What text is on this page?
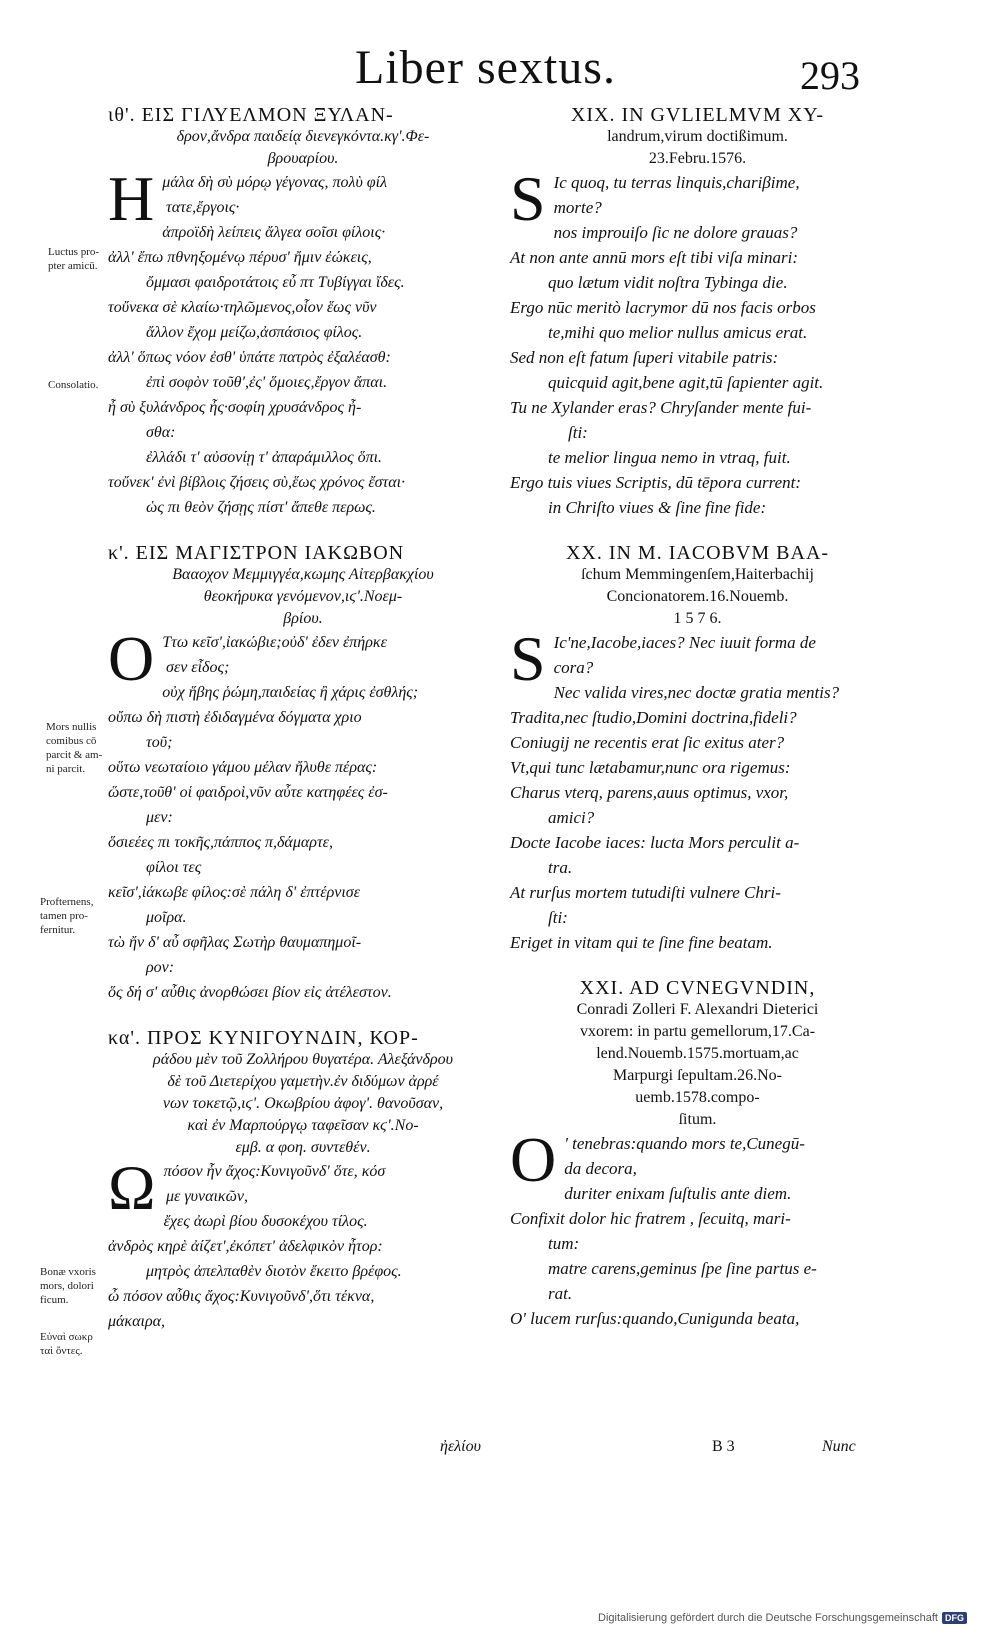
Liber sextus.	293
ιθ'. ΕΙΣ ΓΙΛΥΕΛΜΟΝ ΞΥΛΑΝ-
δρον,ἄνδρα παιδείᾳ διενεγκόντα.κγ'.Φε-
βρουαρίου.
Η μάλα δὴ σὺ μόρῳ γέγονας, πολὺ φίλ
τατε,ἔργοις·
ἀπροϊδὴ λείπεις ἄλγεα σοῖσι φίλοις·
ἀλλ' ἔπω πθνηξομένῳ πέρυσ' ἤμιν ἐώκεις,
ὄμμασι φαιδροτάτοις εὖ πτ Τυβίγγαι ἴδες.
τοὔνεκα σὲ κλαίω·τηλῶμενος,οἷον ἕως νῦν
ἄλλον ἔχομ μείζω,ἀσπάσιος φίλος.
ἀλλ' ὅπως νόον ἐσθ' ὑπάτε πατρὸς ἐξαλέασθ:
ἐπὶ σοφὸν τοῦθ',ἐς' ὅμοιες,ἔργον ἄπαι.
ἦ σὺ ξυλάνδρος ἦς·σοφίη χρυσάνδρος ἦ-
σθα:
ἐλλάδι τ' αὐσονίῃ τ' ἀπαράμιλλος ὅπι.
τοὔνεκ' ἐνὶ βίβλοις ζήσεις σὺ,ἕως χρόνος ἔσται·
ὡς πι θεὸν ζήσῃς πίστ' ἄπεθε περως.
κ'. ΕΙΣ ΜΑΓΙΣΤΡΟΝ ΙΑΚΩΒΟΝ
Βααοχον Μεμμιγγέα,κωμης Αἰτερβακχίου
θεοκήρυκα γενόμενον,ιϛ'.Νοεμ-
βρίου.
Ο Ττω κεῖσ',ἰακώβιε;οὐδ' ἐδεν ἐπήρκε
σεν εἶδος;
οὐχ ἥβης ῥώμη,παιδείας ἢ χάρις ἐσθλής;
οὔπω δὴ πιστὴ ἐδιδαγμένα δόγματα χριο
τοῦ;
οὕτω νεωταίοιο γάμου μέλαν ἤλυθε πέρας:
ὥστε,τοῦθ' οἱ φαιδροὶ,νῦν αὖτε κατηφέες ἐσ-
μεν:
ὅσιεέες πι τοκῆς,πάππος π,δάμαρτε,
φίλοι τες
κεῖσ',ἰάκωβε φίλος:σὲ πάλη δ' ἐπτέρνισε
μοῖρα.
τὼ ἤν δ' αὖ σφῆλας Σωτὴρ θαυμαπημοῖ-
ρον:
ὅς δή σ' αὖθις ἀνορθώσει βίον εἰς ἀτέλεστον.
κα'. ΠΡΟΣ ΚΥΝΙΓΟΥΝΔΙΝ, ΚΟΡ-
ράδου μὲν τοῦ Ζολλήρου θυγατέρα. Αλεξάνδρου
δὲ τοῦ Διετερίχου γαμετὴν.ἐν διδύμων ἀρρέ
νων τοκετῷ,ιϛ'. Οκωβρίου ἀφογ'. θανοῦσαν,
καὶ ἐν Μαρπούργῳ ταφεῖσαν κϛ'.Νο-
εμβ. α φοη. συντεθέν.
Ω πόσον ἦν ἄχος:Κυνιγοῦνδ' ὅτε, κόσ
με γυναικῶν,
ἔχες ἀωρὶ βίου δυσοκέχου τίλος.
ἀνδρὸς κηρὲ ἀίζετ',ἐκόπετ' ἀδελφικὸν ἦτορ:
μητρὸς ἀπελπαθὲν διοτὸν ἔκειτο βρέφος.
ὦ πόσον αὖθις ἄχος:Κυνιγοῦνδ',ὅτι τέκνα,
μάκαιρα,
Luctus pro-
pter amicū.
Consolatio.
Mors nullis
comibus cō
parcit & am-
ni parcit.
Profternens,
tamen pro-
fernitur.
Bonæ vxoris
mors, dolori
ficum.
Εὐναὶ σωκρ
ταὶ ὄντες.
XIX. IN GVLIELMVM XY-
landrum,virum doctißimum.
23.Febru.1576.
S Ic quoq, tu terras linquis,chariβime,
morte?
nos improuiſo ſic ne dolore grauas?
At non ante annū mors eſt tibi viſa minari:
quo lætum vidit noſtra Tybinga die.
Ergo nūc meritò lacrymor dū nos facis orbos
te,mihi quo melior nullus amicus erat.
Sed non eſt fatum ſuperi vitabile patris:
quicquid agit,bene agit,tū ſapienter agit.
Tu ne Xylander eras? Chryſander mente fui-
ſti:
te melior lingua nemo in vtraq, fuit.
Ergo tuis viues Scriptis, dū tēpora current:
in Chriſto viues & ſine fine fide:
XX. IN M. IACOBVM BAA-
ſchum Memmingenſem,Haiterbachij
Concionatorem.16.Nouemb.
1 5 7 6.
S Ic'ne,Iacobe,iaces? Nec iuuit forma de
cora?
Nec valida vires,nec doctæ gratia mentis?
Tradita,nec ſtudio,Domini doctrina,fideli?
Coniugij ne recentis erat ſic exitus ater?
Vt,qui tunc lætabamur,nunc ora rigemus:
Charus vterq, parens,auus optimus, vxor,
amici?
Docte Iacobe iaces: lucta Mors perculit a-
tra.
At rurſus mortem tutudiſti vulnere Chri-
ſti:
Eriget in vitam qui te ſine fine beatam.
XXI. AD CVNEGVNDIN,
Conradi Zolleri F. Alexandri Dieterici
vxorem: in partu gemellorum,17.Ca-
lend.Nouemb.1575.mortuam,ac
Marpurgi ſepultam.26.No-
uemb.1578.compo-
ſitum.
O ' tenebras:quando mors te,Cunegū-
da decora,
duriter enixam ſuſtulis ante diem.
Confixit dolor hic fratrem , ſecuitq, mari-
tum:
matre carens,geminus ſpe ſine partus e-
rat.
O' lucem rurſus:quando,Cunigunda beata,
ἠελίου	B 3	Nunc
Digitalisierung gefördert durch die Deutsche Forschungsgemeinschaft DFG
